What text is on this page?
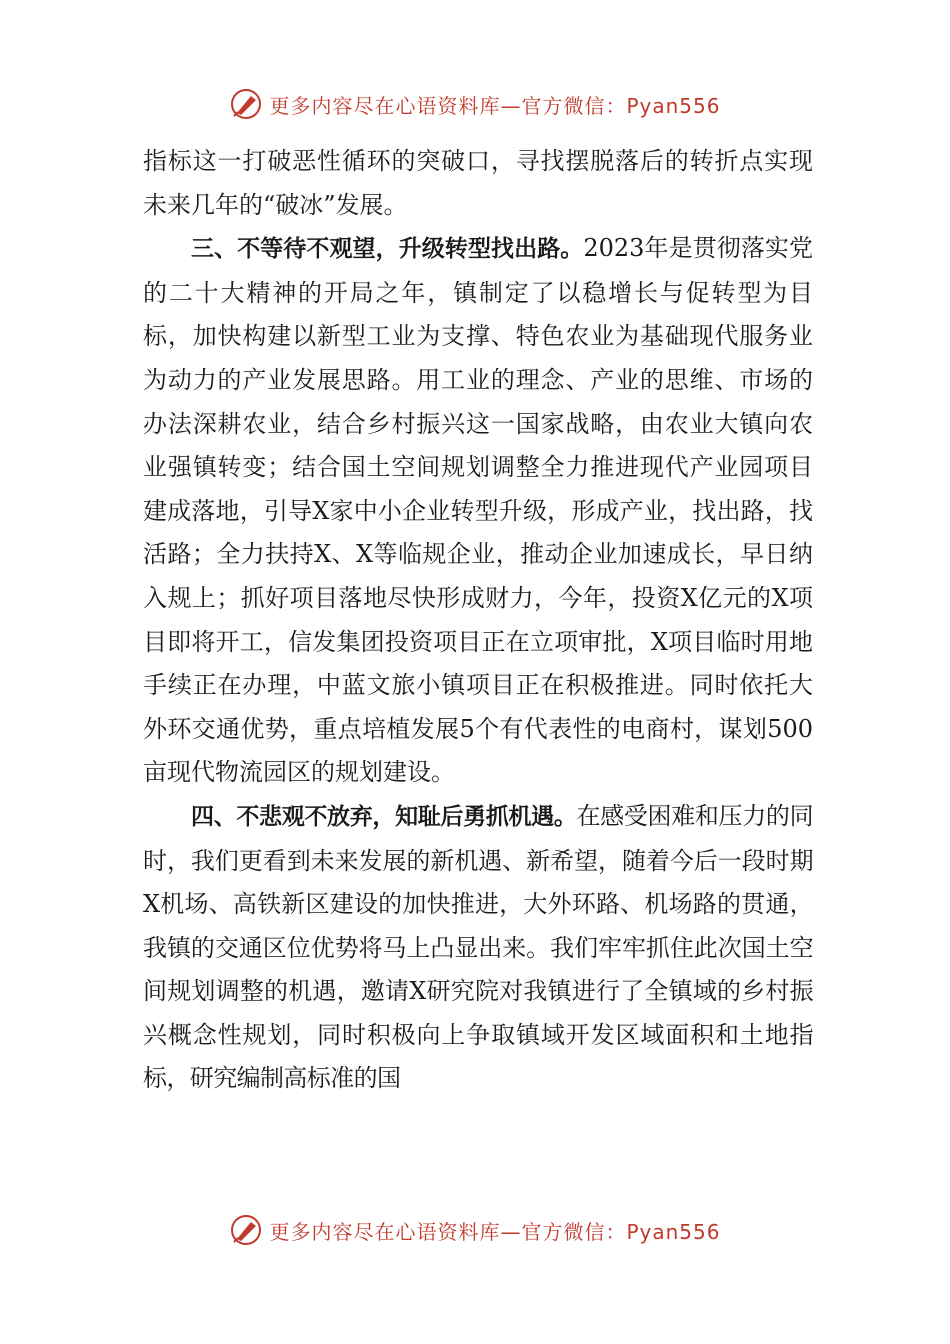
更多内容尽在心语资料库—官方微信：Pyan556

指标这一打破恶性循环的突破口，寻找摆脱落后的转折点实现未来几年的“破冰”发展。

三、不等待不观望，升级转型找出路。2023年是贯彻落实党的二十大精神的开局之年，镇制定了以稳增长与促转型为目标，加快构建以新型工业为支撑、特色农业为基础现代服务业为动力的产业发展思路。用工业的理念、产业的思维、市场的办法深耕农业，结合乡村振兴这一国家战略，由农业大镇向农业强镇转变；结合国土空间规划调整全力推进现代产业园项目建成落地，引导X家中小企业转型升级，形成产业，找出路，找活路；全力扶持X、X等临规企业，推动企业加速成长，早日纳入规上；抓好项目落地尽快形成财力，今年，投资X亿元的X项目即将开工，信发集团投资项目正在立项审批，X项目临时用地手续正在办理，中蓝文旅小镇项目正在积极推进。同时依托大外环交通优势，重点培植发展5个有代表性的电商村，谋划500亩现代物流园区的规划建设。

四、不悲观不放弃，知耻后勇抓机遇。在感受困难和压力的同时，我们更看到未来发展的新机遇、新希望，随着今后一段时期X机场、高铁新区建设的加快推进，大外环路、机场路的贯通，我镇的交通区位优势将马上凸显出来。我们牢牢抓住此次国土空间规划调整的机遇，邀请X研究院对我镇进行了全镇域的乡村振兴概念性规划，同时积极向上争取镇域开发区域面积和土地指标，研究编制高标准的国

更多内容尽在心语资料库—官方微信：Pyan556
